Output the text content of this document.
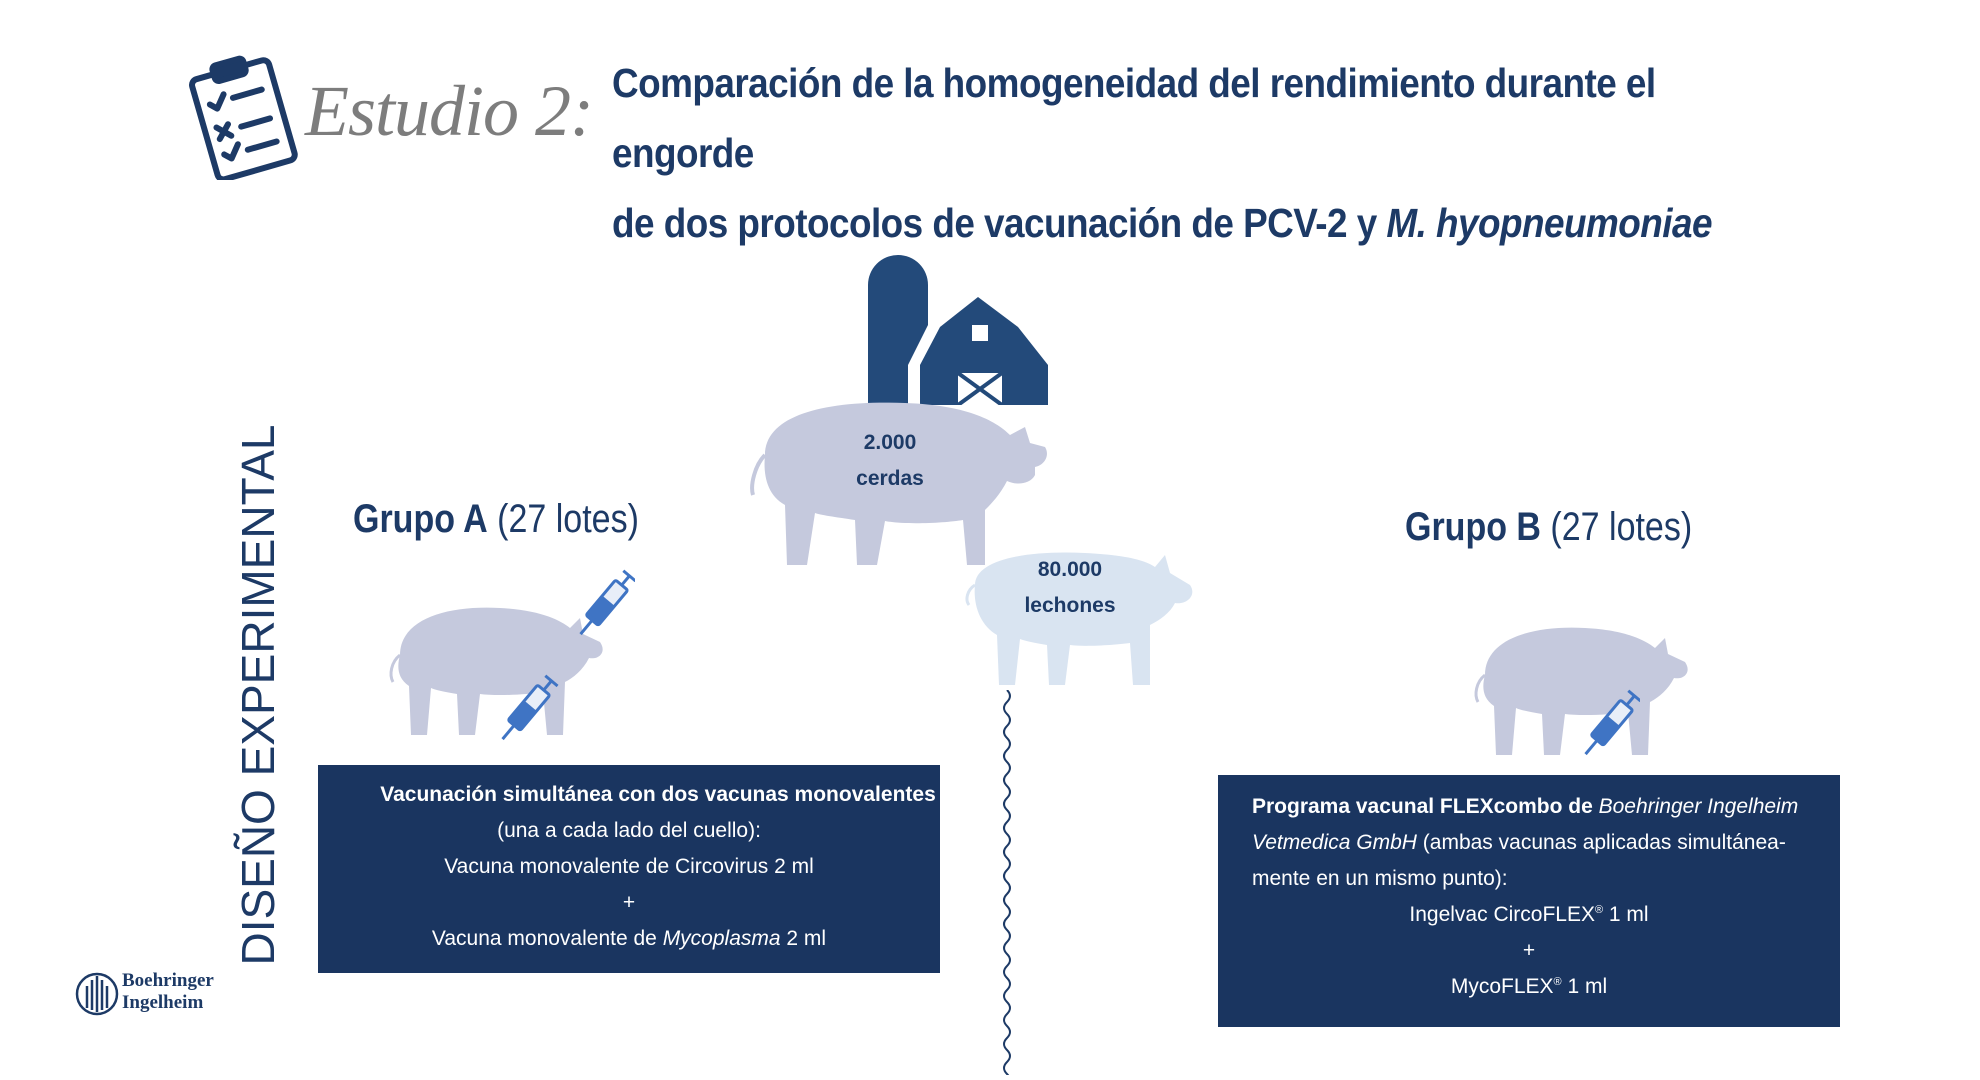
Estudio 2: Comparación de la homogeneidad del rendimiento durante el engorde
de dos protocolos de vacunación de PCV-2 y M. hyopneumoniae
DISEÑO EXPERIMENTAL	2.000
cerdas
80.000
lechones
Grupo A (27 lotes)
Vacunación simultánea con dos vacunas monovalentes
(una a cada lado del cuello):
Vacuna monovalente de Circovirus 2 ml
+
Vacuna monovalente de Mycoplasma 2 ml
Grupo B (27 lotes)
Programa vacunal FLEXcombo de Boehringer Ingelheim Vetmedica GmbH (ambas vacunas aplicadas simultánea-mente en un mismo punto):
Ingelvac CircoFLEX® 1 ml
+
MycoFLEX® 1 ml
Boehringer
Ingelheim
